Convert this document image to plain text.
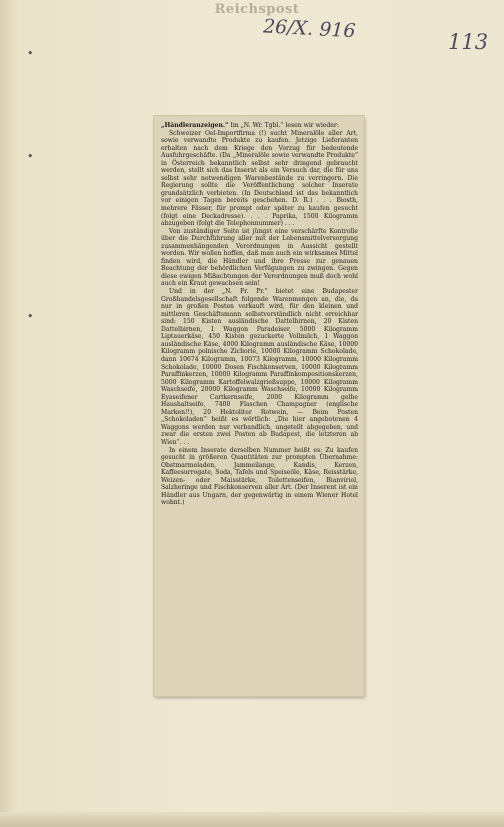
•
•
•
Reichspost
26/X. 916	113

„Händleranzeigen.“ Im „N. Wr. Tgbl.“ lesen wir wieder:

Schweizer Oel-Importfirma (!) sucht Mineralöle aller Art, sowie verwandte Produkte zu kaufen. Jetzige Lieferanten erhalten nach dem Kriege den Vorzug für bedeutende Ausfuhrgeschäfte. (Da „Mineralöle sowie verwandte Produkte“ in Österreich bekanntlich selbst sehr dringend gebraucht werden, stellt sich das Inserat als ein Versuch dar, die für uns selbst sehr notwendigen Warenbestände zu verringern. Die Regierung sollte die Veröffentlichung solcher Inserate grundsätzlich verbieten. (In Deutschland ist das bekanntlich vor einigen Tagen bereits geschehen. D. R.) . . . Biosth, mehrere Fässer, für prompt oder später zu kaufen gesucht (folgt eine Deckadresse). . . . Paprika, 1500 Kilogramm abzugeben (folgt die Telephonnummer) . . .

Von zuständiger Seite ist jüngst eine verschärfte Kontrolle über die Durchführung aller mit der Lebensmittelversorgung zusammenhängenden Verordnungen in Aussicht gestellt worden. Wir wollen hoffen, daß man auch ein wirksames Mittel finden wird, die Händler und ihre Presse zur genauen Beachtung der behördlichen Verfügungen zu zwingen. Gegen diese ewigen Mißachtungen der Verordnungen muß doch wohl auch ein Kraut gewachsen sein!

Und in der „N. Fr. Pr.“ bietet eine Budapester Großhandelsgesellschaft folgende Warenmengen an, die, da nur in großen Posten verkauft wird, für den kleinen und mittleren Geschäftsmann selbstverständlich nicht erreichbar sind: 150 Kisten ausländische Dattelbirnen, 20 Kisten Dattelbirnen, 1 Waggon Paradeiser, 5000 Kilogramm Liptauerkäse, 450 Kisten gezuckerte Vollmilch, 1 Waggon ausländische Käse, 4000 Kilogramm ausländische Käse, 10000 Kilogramm polnische Zichorie, 10000 Kilogramm Schokolade, dann 10674 Kilogramm, 10073 Kilogramm, 10000 Kilogramm Schokolade, 10000 Dosen Fischkonserven, 10000 Kilogramm Paraffinkerzen, 10000 Kilogramm Paraffinkompositionskerzen, 5000 Kilogramm Kartoffelwalzgrießsuppe, 10000 Kilogramm Waschseife, 20000 Kilogramm Waschseife, 10000 Kilogramm Eyaseifener Cartkernseife, 2000 Kilogramm gelbe Haushaltseife, 7400 Flaschen Champagner (englische Marken!!), 20 Hektoliter Rotwein, — Beim Posten „Schokoladen“ heißt es wörtlich: „Die hier angebotenen 4 Waggons werden nur verbandlich, ungeteilt abgegeben, und zwar die ersten zwei Posten ab Budapest, die letzteren ab Wien“. . .

In einem Inserate derselben Nummer heißt es: Zu kaufen gesucht in größeren Quantitäten zur prompten Übernahme: Obstmarmeladen, Jammeilange, Kandis, Kerzen, Kaffeesurrogate, Soda, Tafels und Speiseöle, Käse, Reisstärke, Weizen- oder Maisstärke, Toilettenseifen, Bianviriol, Salzheringe und Fischkonserven aller Art. (Der Inserent ist ein Händler aus Ungarn, der gegenwärtig in einem Wiener Hotel wohnt.)
